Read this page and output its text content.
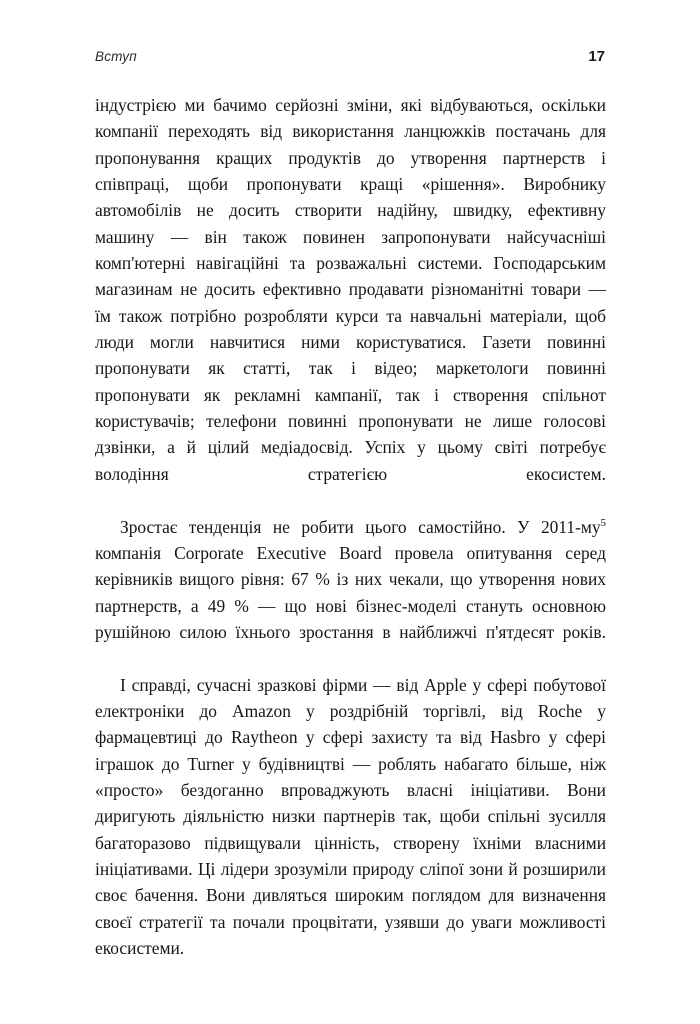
Вступ	17

індустрією ми бачимо серйозні зміни, які відбуваються, оскільки компанії переходять від використання ланцюжків постачань для пропонування кращих продуктів до утворення партнерств і співпраці, щоби пропонувати кращі «рішення». Виробнику автомобілів не досить створити надійну, швидку, ефективну машину — він також повинен запропонувати найсучасніші комп'ютерні навігаційні та розважальні системи. Господарським магазинам не досить ефективно продавати різноманітні товари — їм також потрібно розробляти курси та навчальні матеріали, щоб люди могли навчитися ними користуватися. Газети повинні пропонувати як статті, так і відео; маркетологи повинні пропонувати як рекламні кампанії, так і створення спільнот користувачів; телефони повинні пропонувати не лише голосові дзвінки, а й цілий медіадосвід. Успіх у цьому світі потребує володіння стратегією екосистем.

Зростає тенденція не робити цього самостійно. У 2011-му$^5$ компанія Corporate Executive Board провела опитування серед керівників вищого рівня: 67 % із них чекали, що утворення нових партнерств, а 49 % — що нові бізнес-моделі стануть основною рушійною силою їхнього зростання в найближчі п'ятдесят років.

І справді, сучасні зразкові фірми — від Apple у сфері побутової електроніки до Amazon у роздрібній торгівлі, від Roche у фармацевтиці до Raytheon у сфері захисту та від Hasbro у сфері іграшок до Turner у будівництві — роблять набагато більше, ніж «просто» бездоганно впроваджують власні ініціативи. Вони диригують діяльністю низки партнерів так, щоби спільні зусилля багаторазово підвищували цінність, створену їхніми власними ініціативами. Ці лідери зрозуміли природу сліпої зони й розширили своє бачення. Вони дивляться широким поглядом для визначення своєї стратегії та почали процвітати, узявши до уваги можливості екосистеми.
